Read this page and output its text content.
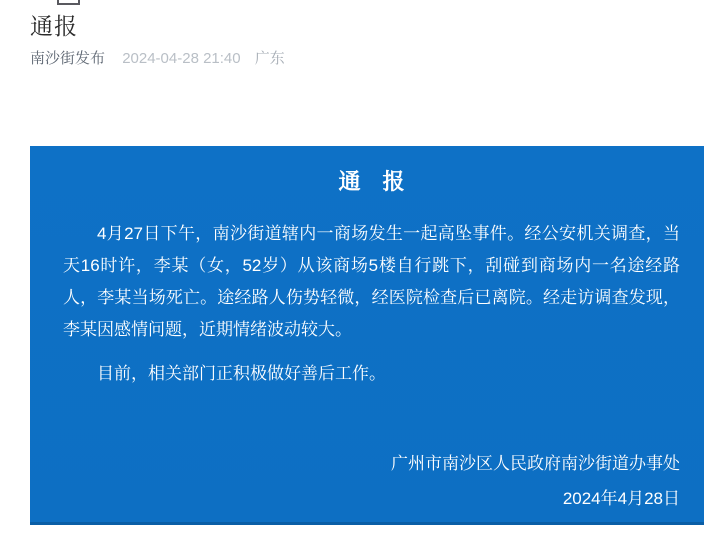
通报
南沙街发布 2024-04-28 21:40 广东
通　报

4月27日下午，南沙街道辖内一商场发生一起高坠事件。经公安机关调查，当天16时许，李某（女，52岁）从该商场5楼自行跳下，刮碰到商场内一名途经路人，李某当场死亡。途经路人伤势轻微，经医院检查后已离院。经走访调查发现，李某因感情问题，近期情绪波动较大。

目前，相关部门正积极做好善后工作。

广州市南沙区人民政府南沙街道办事处
2024年4月28日
